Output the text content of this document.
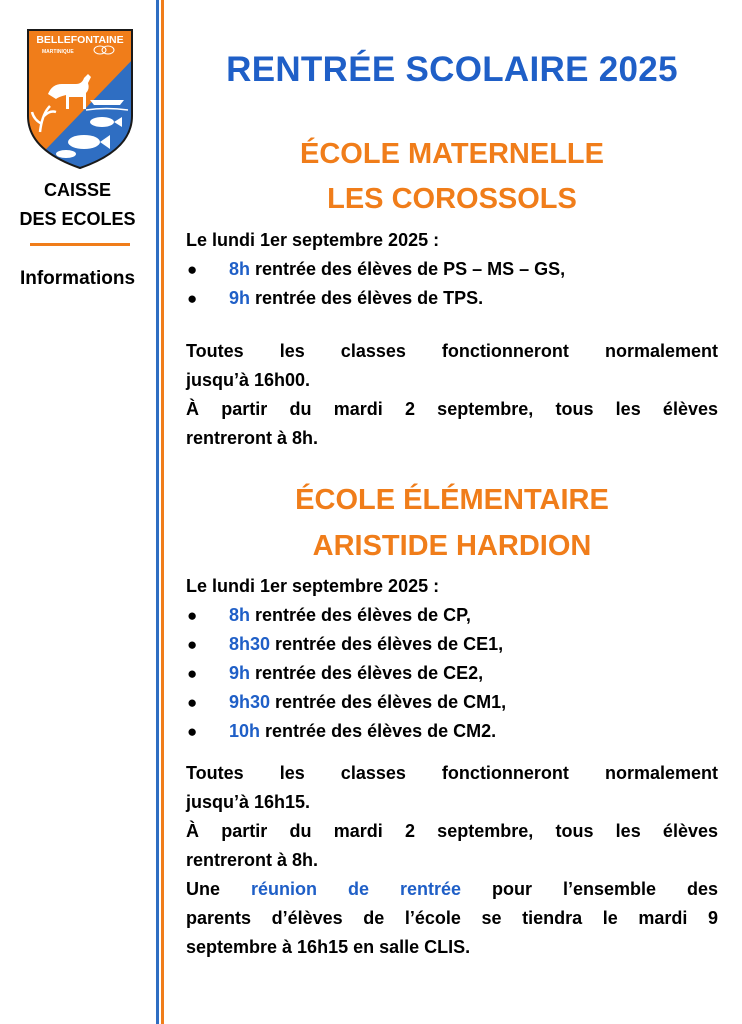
BELLEFONTAINE
MARTINIQUE
CAISSE
DES ECOLES
Informations
RENTRÉE SCOLAIRE 2025
ÉCOLE MATERNELLE
LES COROSSOLS
Le lundi 1er septembre 2025 :
● 8h rentrée des élèves de PS – MS – GS,
● 9h rentrée des élèves de TPS.
Toutes les classes fonctionneront normalement
jusqu’à 16h00.
À partir du mardi 2 septembre, tous les élèves
rentreront à 8h.
ÉCOLE ÉLÉMENTAIRE
ARISTIDE HARDION
Le lundi 1er septembre 2025 :
● 8h rentrée des élèves de CP,
● 8h30 rentrée des élèves de CE1,
● 9h rentrée des élèves de CE2,
● 9h30 rentrée des élèves de CM1,
● 10h rentrée des élèves de CM2.
Toutes les classes fonctionneront normalement
jusqu’à 16h15.
À partir du mardi 2 septembre, tous les élèves
rentreront à 8h.
Une réunion de rentrée pour l’ensemble des
parents d’élèves de l’école se tiendra le mardi 9
septembre à 16h15 en salle CLIS.
